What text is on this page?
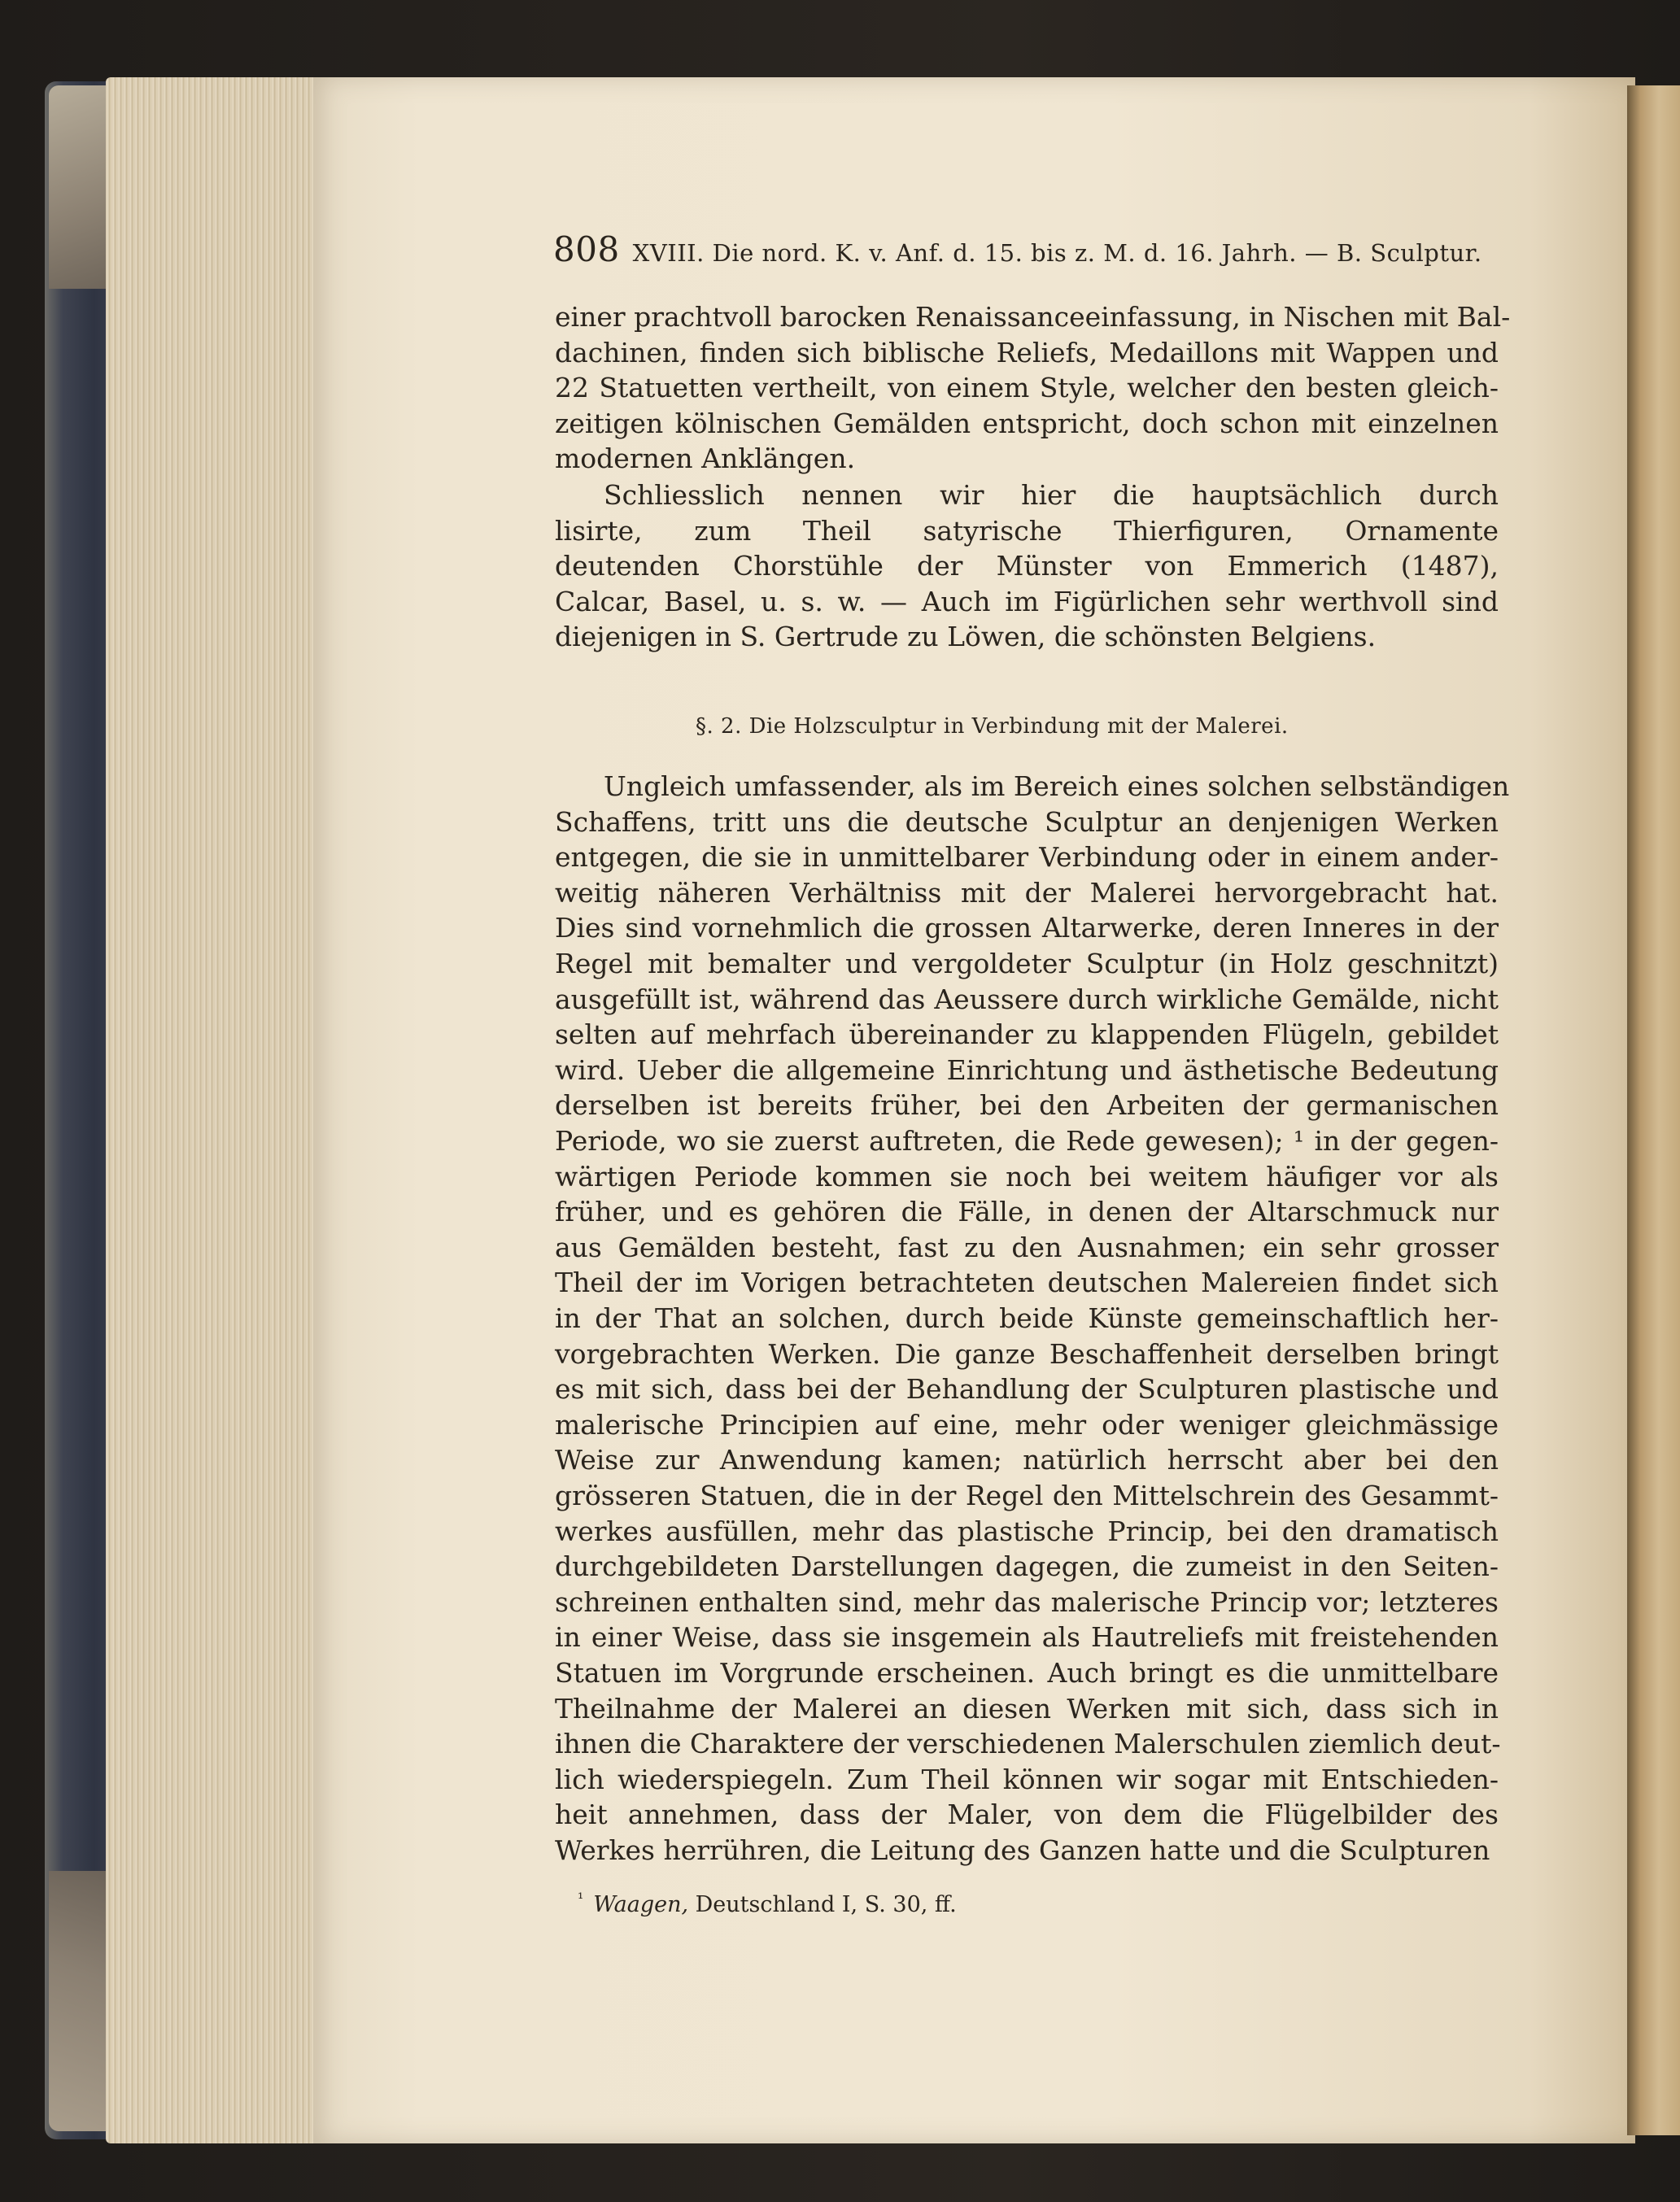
808 XVIII. Die nord. K. v. Anf. d. 15. bis z. M. d. 16. Jahrh. — B. Sculptur.
einer prachtvoll barocken Renaissanceeinfassung, in Nischen mit Bal-
dachinen, finden sich biblische Reliefs, Medaillons mit Wappen und
22 Statuetten vertheilt, von einem Style, welcher den besten gleich-
zeitigen kölnischen Gemälden entspricht, doch schon mit einzelnen
modernen Anklängen.
Schliesslich nennen wir hier die hauptsächlich durch
lisirte, zum Theil satyrische Thierfiguren, Ornamente
deutenden Chorstühle der Münster von Emmerich (1487),
Calcar, Basel, u. s. w. — Auch im Figürlichen sehr werthvoll sind
diejenigen in S. Gertrude zu Löwen, die schönsten Belgiens.
§. 2. Die Holzsculptur in Verbindung mit der Malerei.
Ungleich umfassender, als im Bereich eines solchen selbständigen
Schaffens, tritt uns die deutsche Sculptur an denjenigen Werken
entgegen, die sie in unmittelbarer Verbindung oder in einem ander-
weitig näheren Verhältniss mit der Malerei hervorgebracht hat.
Dies sind vornehmlich die grossen Altarwerke, deren Inneres in der
Regel mit bemalter und vergoldeter Sculptur (in Holz geschnitzt)
ausgefüllt ist, während das Aeussere durch wirkliche Gemälde, nicht
selten auf mehrfach übereinander zu klappenden Flügeln, gebildet
wird. Ueber die allgemeine Einrichtung und ästhetische Bedeutung
derselben ist bereits früher, bei den Arbeiten der germanischen
Periode, wo sie zuerst auftreten, die Rede gewesen); ¹ in der gegen-
wärtigen Periode kommen sie noch bei weitem häufiger vor als
früher, und es gehören die Fälle, in denen der Altarschmuck nur
aus Gemälden besteht, fast zu den Ausnahmen; ein sehr grosser
Theil der im Vorigen betrachteten deutschen Malereien findet sich
in der That an solchen, durch beide Künste gemeinschaftlich her-
vorgebrachten Werken. Die ganze Beschaffenheit derselben bringt
es mit sich, dass bei der Behandlung der Sculpturen plastische und
malerische Principien auf eine, mehr oder weniger gleichmässige
Weise zur Anwendung kamen; natürlich herrscht aber bei den
grösseren Statuen, die in der Regel den Mittelschrein des Gesammt-
werkes ausfüllen, mehr das plastische Princip, bei den dramatisch
durchgebildeten Darstellungen dagegen, die zumeist in den Seiten-
schreinen enthalten sind, mehr das malerische Princip vor; letzteres
in einer Weise, dass sie insgemein als Hautreliefs mit freistehenden
Statuen im Vorgrunde erscheinen. Auch bringt es die unmittelbare
Theilnahme der Malerei an diesen Werken mit sich, dass sich in
ihnen die Charaktere der verschiedenen Malerschulen ziemlich deut-
lich wiederspiegeln. Zum Theil können wir sogar mit Entschieden-
heit annehmen, dass der Maler, von dem die Flügelbilder des
Werkes herrühren, die Leitung des Ganzen hatte und die Sculpturen
$^{^1}$ Waagen, Deutschland I, S. 30, ff.
